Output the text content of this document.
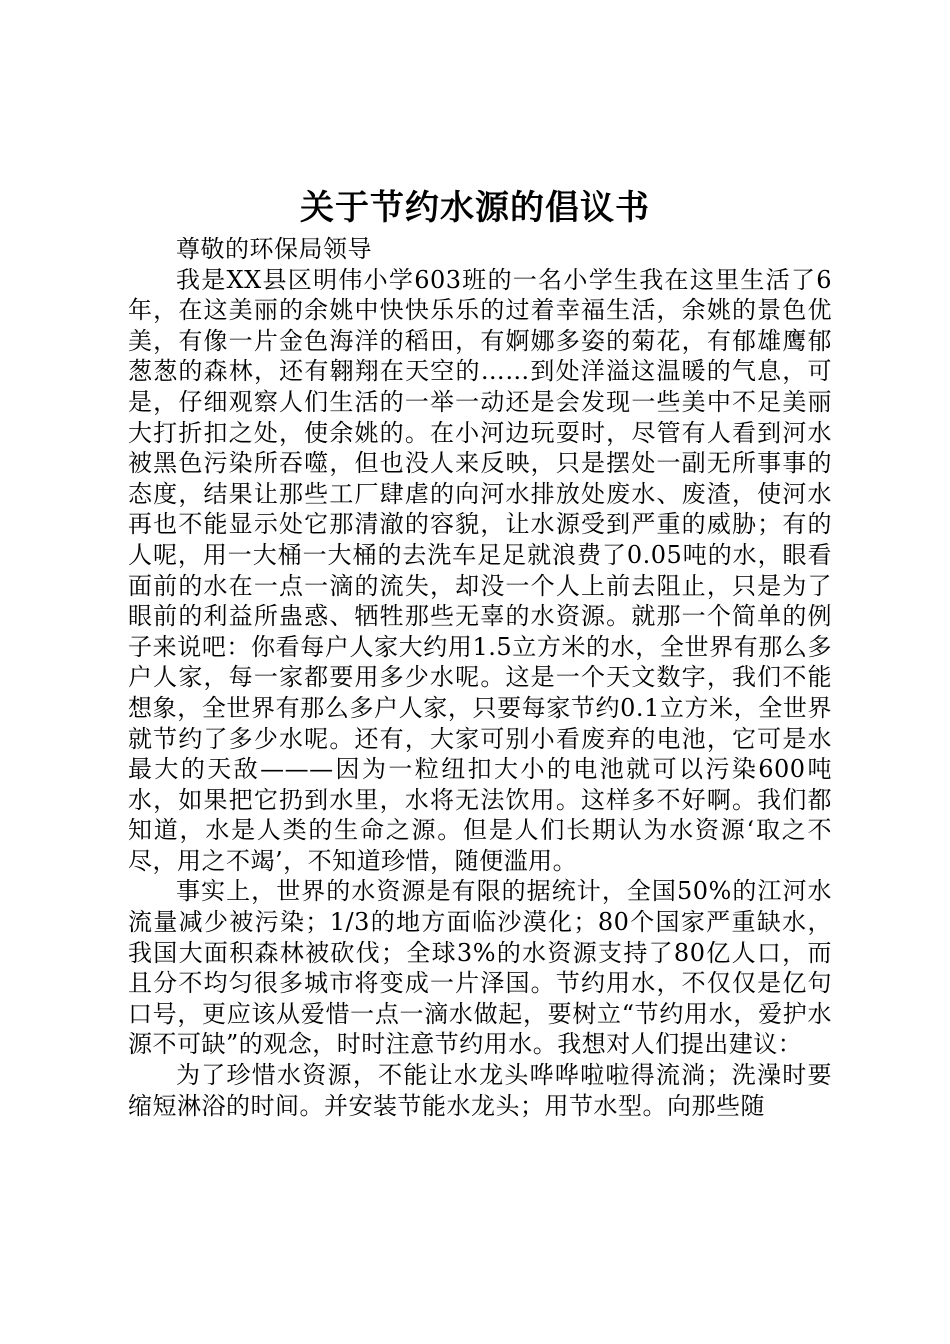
关于节约水源的倡议书

尊敬的环保局领导

我是XX县区明伟小学603班的一名小学生我在这里生活了6年，在这美丽的余姚中快快乐乐的过着幸福生活，余姚的景色优美，有像一片金色海洋的稻田，有婀娜多姿的菊花，有郁雄鹰郁葱葱的森林，还有翱翔在天空的……到处洋溢这温暖的气息，可是，仔细观察人们生活的一举一动还是会发现一些美中不足美丽大打折扣之处，使余姚的。在小河边玩耍时，尽管有人看到河水被黑色污染所吞噬，但也没人来反映，只是摆处一副无所事事的态度，结果让那些工厂肆虐的向河水排放处废水、废渣，使河水再也不能显示处它那清澈的容貌，让水源受到严重的威胁；有的人呢，用一大桶一大桶的去洗车足足就浪费了0.05吨的水，眼看面前的水在一点一滴的流失，却没一个人上前去阻止，只是为了眼前的利益所蛊惑、牺牲那些无辜的水资源。就那一个简单的例子来说吧：你看每户人家大约用1.5立方米的水，全世界有那么多户人家，每一家都要用多少水呢。这是一个天文数字，我们不能想象，全世界有那么多户人家，只要每家节约0.1立方米，全世界就节约了多少水呢。还有，大家可别小看废弃的电池，它可是水最大的天敌———因为一粒纽扣大小的电池就可以污染600吨水，如果把它扔到水里，水将无法饮用。这样多不好啊。我们都知道，水是人类的生命之源。但是人们长期认为水资源‘取之不尽，用之不竭’，不知道珍惜，随便滥用。

事实上，世界的水资源是有限的据统计，全国50%的江河水流量减少被污染；1/3的地方面临沙漠化；80个国家严重缺水，我国大面积森林被砍伐；全球3%的水资源支持了80亿人口，而且分不均匀很多城市将变成一片泽国。节约用水，不仅仅是亿句口号，更应该从爱惜一点一滴水做起，要树立“节约用水，爱护水源不可缺”的观念，时时注意节约用水。我想对人们提出建议：

为了珍惜水资源，不能让水龙头哗哗啦啦得流淌；洗澡时要缩短淋浴的时间。并安装节能水龙头；用节水型。向那些随
